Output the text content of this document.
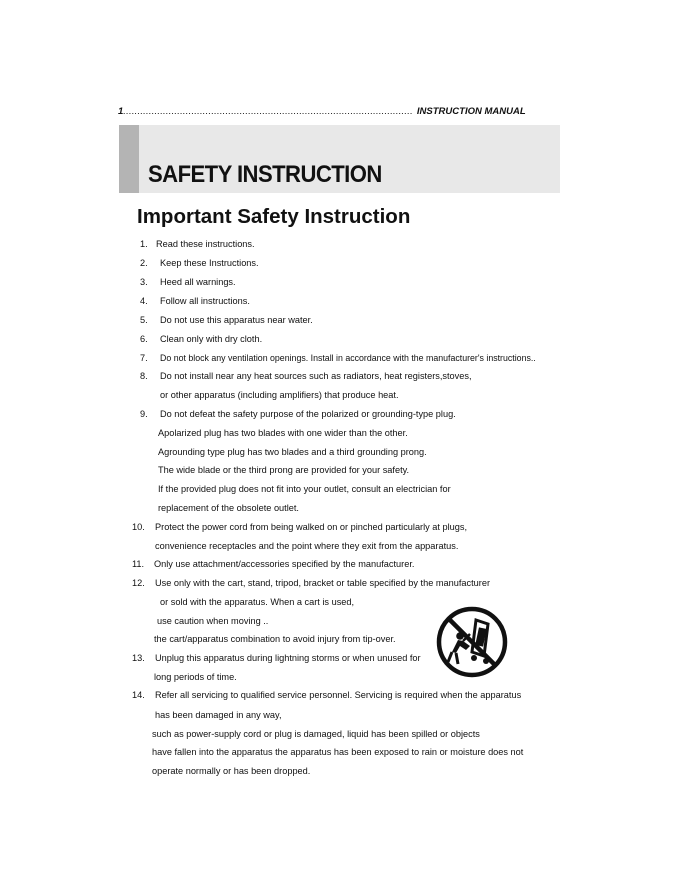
1...................................................................................................... INSTRUCTION MANUAL
SAFETY INSTRUCTION
Important Safety Instruction
1. Read these instructions.
2. Keep these Instructions.
3. Heed all warnings.
4. Follow all instructions.
5. Do not use this apparatus near water.
6. Clean only with dry cloth.
7. Do not block any ventilation openings. Install in accordance with the manufacturer's instructions..
8. Do not install near any heat sources such as radiators, heat registers,stoves,
or other apparatus (including amplifiers) that produce heat.
9. Do not defeat the safety purpose of the polarized or grounding-type plug.
Apolarized plug has two blades with one wider than the other.
Agrounding type plug has two blades and a third grounding prong.
The wide blade or the third prong are provided for your safety.
If the provided plug does not fit into your outlet, consult an electrician for
replacement of the obsolete outlet.
10. Protect the power cord from being walked on or pinched particularly at plugs,
convenience receptacles and the point where they exit from the apparatus.
11. Only use attachment/accessories specified by the manufacturer.
12. Use only with the cart, stand, tripod, bracket or table specified by the manufacturer
or sold with the apparatus. When a cart is used,
use caution when moving ..
the cart/apparatus combination to avoid injury from tip-over.
13. Unplug this apparatus during lightning storms or when unused for
long periods of time.
14. Refer all servicing to qualified service personnel. Servicing is required when the apparatus
has been damaged in any way,
such as power-supply cord or plug is damaged, liquid has been spilled or objects
have fallen into the apparatus the apparatus has been exposed to rain or moisture does not
operate normally or has been dropped.
